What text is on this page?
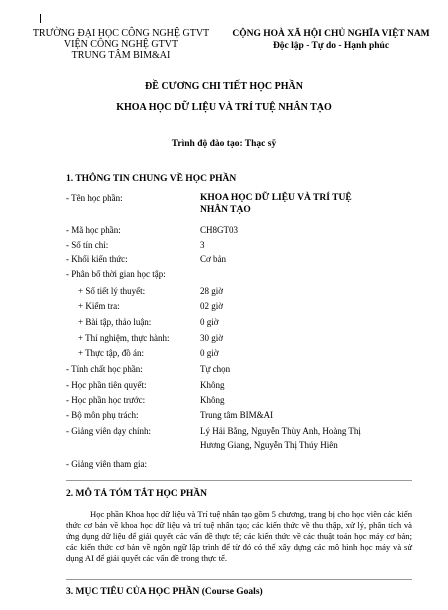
TRƯỜNG ĐẠI HỌC CÔNG NGHỆ GTVT
VIỆN CÔNG NGHỆ GTVT
TRUNG TÂM BIM&AI
CỘNG HOÀ XÃ HỘI CHỦ NGHĨA VIỆT NAM
Độc lập - Tự do - Hạnh phúc
ĐỀ CƯƠNG CHI TIẾT HỌC PHẦN
KHOA HỌC DỮ LIỆU VÀ TRÍ TUỆ NHÂN TẠO
Trình độ đào tạo: Thạc sỹ
1. THÔNG TIN CHUNG VỀ HỌC PHẦN
- Tên học phần:	KHOA HỌC DỮ LIỆU VÀ TRÍ TUỆ
NHÂN TẠO
- Mã học phần:	CH8GT03
- Số tín chỉ:	3
- Khối kiến thức:	Cơ bản
- Phân bố thời gian học tập:
+ Số tiết lý thuyết:	28 giờ
+ Kiểm tra:	02 giờ
+ Bài tập, thảo luận:	0 giờ
+ Thí nghiệm, thực hành:	30 giờ
+ Thực tập, đồ án:	0 giờ
- Tính chất học phần:	Tự chọn
- Học phần tiên quyết:	Không
- Học phần học trước:	Không
- Bộ môn phụ trách:	Trung tâm BIM&AI
- Giảng viên dạy chính:	Lý Hải Bằng, Nguyễn Thùy Anh, Hoàng Thị
Hương Giang, Nguyễn Thị Thúy Hiên
- Giảng viên tham gia:
2. MÔ TẢ TÓM TẮT HỌC PHẦN
Học phần Khoa học dữ liệu và Trí tuệ nhân tạo gồm 5 chương, trang bị cho học viên các kiến thức cơ bản về khoa học dữ liệu và trí tuệ nhân tạo; các kiến thức về thu thập, xử lý, phân tích và ứng dụng dữ liệu để giải quyết các vấn đề thực tế; các kiến thức về các thuật toán học máy cơ bản; các kiến thức cơ bản về ngôn ngữ lập trình để từ đó có thể xây dựng các mô hình học máy và sử dụng AI để giải quyết các vấn đề trong thực tế.
3. MỤC TIÊU CỦA HỌC PHẦN (Course Goals)
